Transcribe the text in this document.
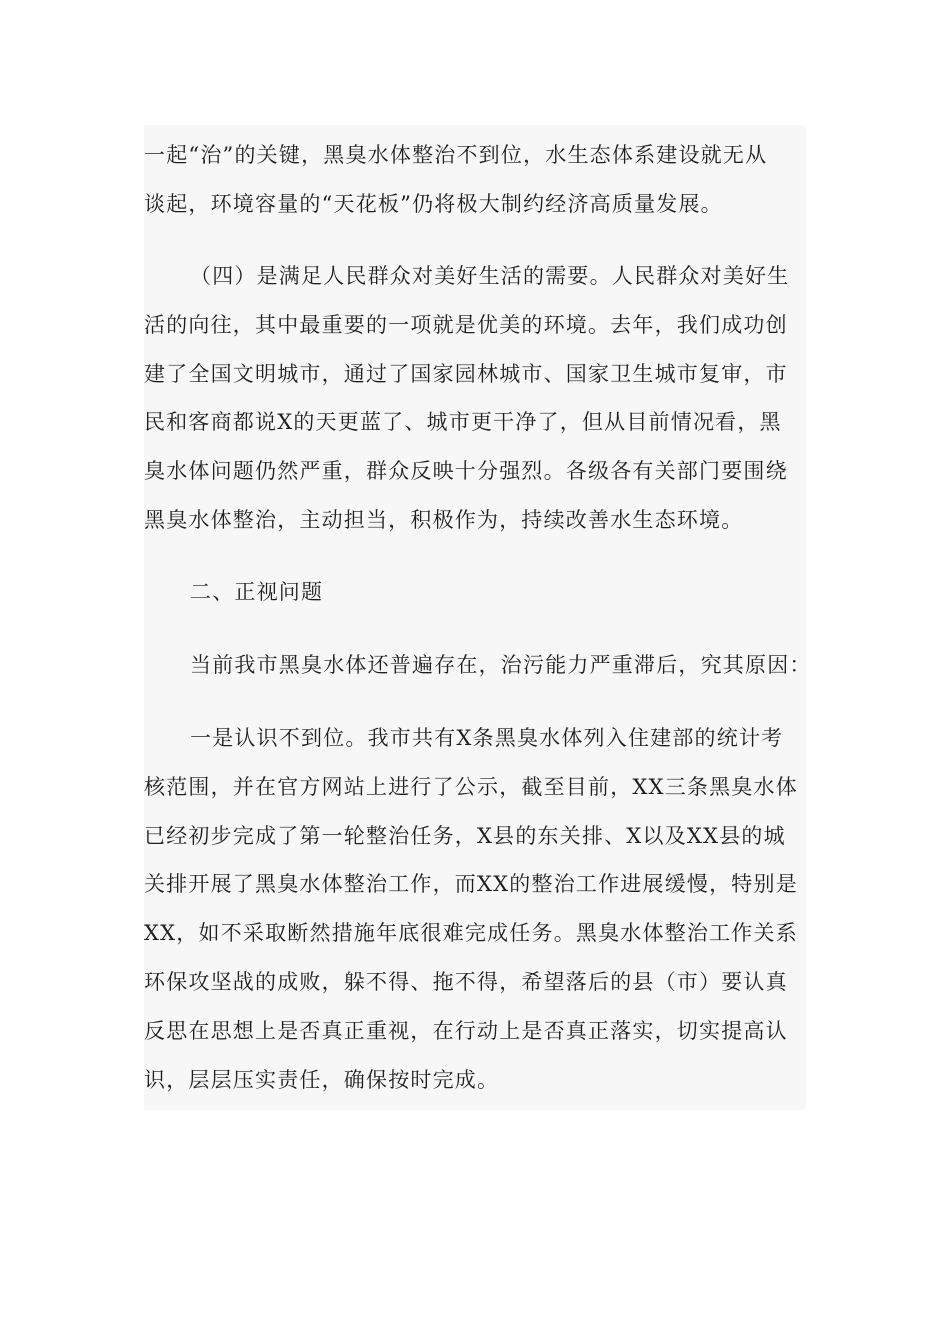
一起“治”的关键，黑臭水体整治不到位，水生态体系建设就无从
谈起，环境容量的“天花板”仍将极大制约经济高质量发展。
（四）是满足人民群众对美好生活的需要。人民群众对美好生
活的向往，其中最重要的一项就是优美的环境。去年，我们成功创
建了全国文明城市，通过了国家园林城市、国家卫生城市复审，市
民和客商都说X的天更蓝了、城市更干净了，但从目前情况看，黑
臭水体问题仍然严重，群众反映十分强烈。各级各有关部门要围绕
黑臭水体整治，主动担当，积极作为，持续改善水生态环境。
二、正视问题
当前我市黑臭水体还普遍存在，治污能力严重滞后，究其原因：
一是认识不到位。我市共有X条黑臭水体列入住建部的统计考
核范围，并在官方网站上进行了公示，截至目前，XX三条黑臭水体
已经初步完成了第一轮整治任务，X县的东关排、X以及XX县的城
关排开展了黑臭水体整治工作，而XX的整治工作进展缓慢，特别是
XX，如不采取断然措施年底很难完成任务。黑臭水体整治工作关系
环保攻坚战的成败，躲不得、拖不得，希望落后的县（市）要认真
反思在思想上是否真正重视，在行动上是否真正落实，切实提高认
识，层层压实责任，确保按时完成。
